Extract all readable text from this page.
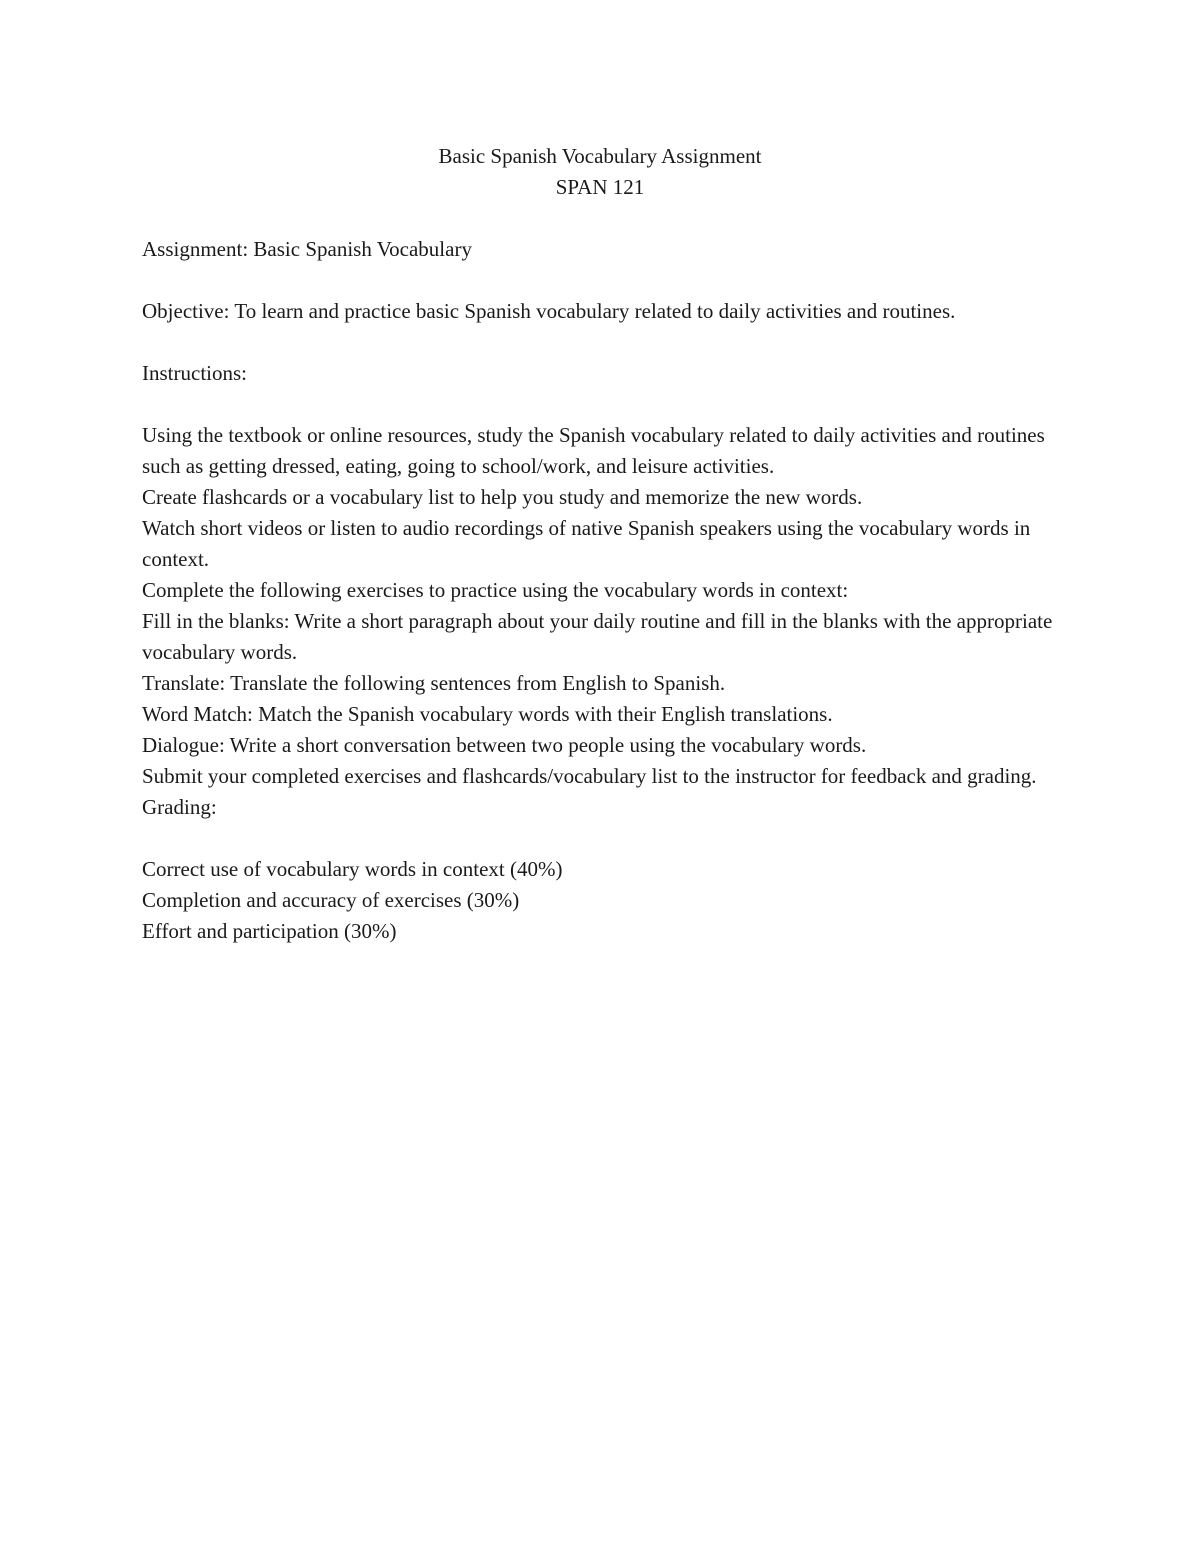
Basic Spanish Vocabulary Assignment
SPAN 121

Assignment: Basic Spanish Vocabulary

Objective: To learn and practice basic Spanish vocabulary related to daily activities and routines.

Instructions:

Using the textbook or online resources, study the Spanish vocabulary related to daily activities and routines such as getting dressed, eating, going to school/work, and leisure activities.

Create flashcards or a vocabulary list to help you study and memorize the new words.

Watch short videos or listen to audio recordings of native Spanish speakers using the vocabulary words in context.

Complete the following exercises to practice using the vocabulary words in context:

Fill in the blanks: Write a short paragraph about your daily routine and fill in the blanks with the appropriate vocabulary words.

Translate: Translate the following sentences from English to Spanish.

Word Match: Match the Spanish vocabulary words with their English translations.

Dialogue: Write a short conversation between two people using the vocabulary words.

Submit your completed exercises and flashcards/vocabulary list to the instructor for feedback and grading.

Grading:

Correct use of vocabulary words in context (40%)

Completion and accuracy of exercises (30%)

Effort and participation (30%)
